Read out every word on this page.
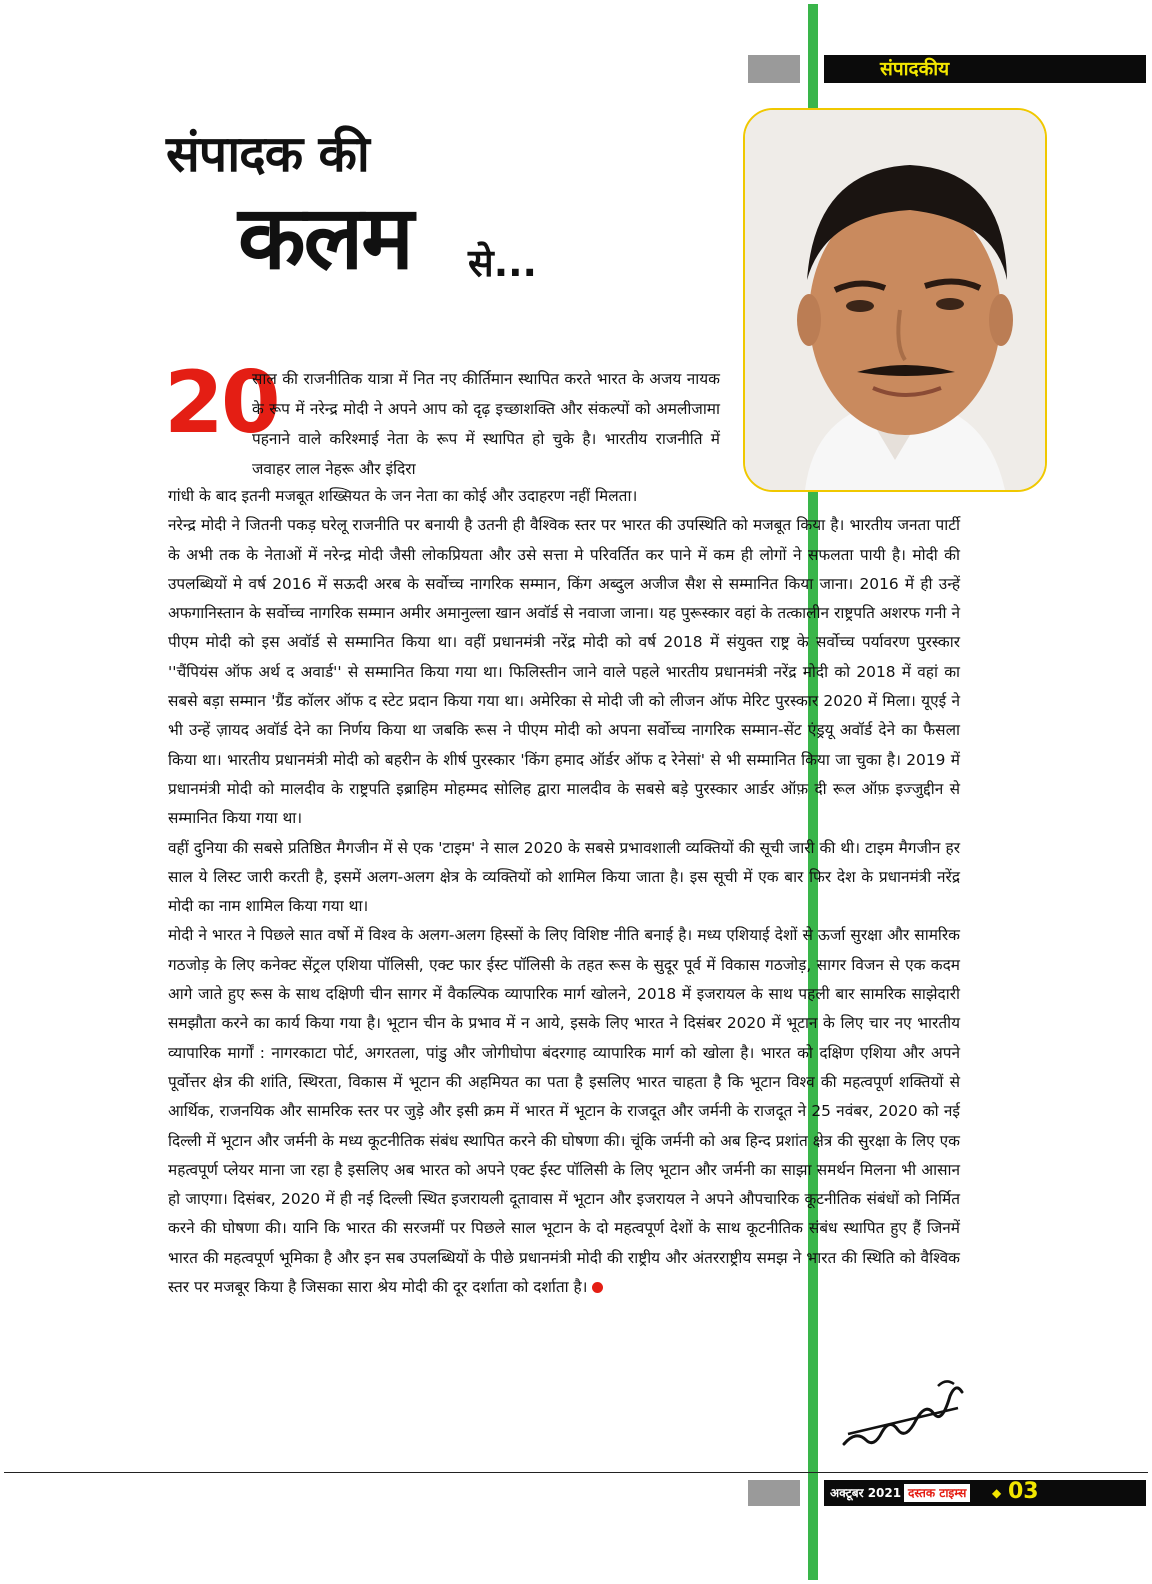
संपादकीय
संपादक की
कलम से...
20

साल की राजनीतिक यात्रा में नित नए कीर्तिमान स्थापित करते भारत के अजय नायक के रूप में नरेन्द्र मोदी ने अपने आप को दृढ़ इच्छाशक्ति और संकल्पों को अमलीजामा पहनाने वाले करिश्माई नेता के रूप में स्थापित हो चुके है। भारतीय राजनीति में जवाहर लाल नेहरू और इंदिरा

गांधी के बाद इतनी मजबूत शख्सियत के जन नेता का कोई और उदाहरण नहीं मिलता।

नरेन्द्र मोदी ने जितनी पकड़ घरेलू राजनीति पर बनायी है उतनी ही वैश्विक स्तर पर भारत की उपस्थिति को मजबूत किया है। भारतीय जनता पार्टी के अभी तक के नेताओं में नरेन्द्र मोदी जैसी लोकप्रियता और उसे सत्ता मे परिवर्तित कर पाने में कम ही लोगों ने सफलता पायी है। मोदी की उपलब्धियों मे वर्ष 2016 में सऊदी अरब के सर्वोच्च नागरिक सम्मान, किंग अब्दुल अजीज सैश से सम्मानित किया जाना। 2016 में ही उन्हें अफगानिस्तान के सर्वोच्च नागरिक सम्मान अमीर अमानुल्ला खान अवॉर्ड से नवाजा जाना। यह पुरूस्कार वहां के तत्कालीन राष्ट्रपति अशरफ गनी ने पीएम मोदी को इस अवॉर्ड से सम्मानित किया था। वहीं प्रधानमंत्री नरेंद्र मोदी को वर्ष 2018 में संयुक्त राष्ट्र के सर्वोच्च पर्यावरण पुरस्कार ''चैंपियंस ऑफ अर्थ द अवार्ड'' से सम्मानित किया गया था। फिलिस्तीन जाने वाले पहले भारतीय प्रधानमंत्री नरेंद्र मोदी को 2018 में वहां का सबसे बड़ा सम्मान 'ग्रैंड कॉलर ऑफ द स्टेट प्रदान किया गया था। अमेरिका से मोदी जी को लीजन ऑफ मेरिट पुरस्कार 2020 में मिला। यूएई ने भी उन्हें ज़ायद अवॉर्ड देने का निर्णय किया था जबकि रूस ने पीएम मोदी को अपना सर्वोच्च नागरिक सम्मान-सेंट एंड्रयू अवॉर्ड देने का फैसला किया था। भारतीय प्रधानमंत्री मोदी को बहरीन के शीर्ष पुरस्कार 'किंग हमाद ऑर्डर ऑफ द रेनेसां' से भी सम्मानित किया जा चुका है। 2019 में प्रधानमंत्री मोदी को मालदीव के राष्ट्रपति इब्राहिम मोहम्मद सोलिह द्वारा मालदीव के सबसे बड़े पुरस्कार आर्डर ऑफ़ दी रूल ऑफ़ इज्जुद्दीन से सम्मानित किया गया था।

वहीं दुनिया की सबसे प्रतिष्ठित मैगजीन में से एक 'टाइम' ने साल 2020 के सबसे प्रभावशाली व्यक्तियों की सूची जारी की थी। टाइम मैगजीन हर साल ये लिस्ट जारी करती है, इसमें अलग-अलग क्षेत्र के व्यक्तियों को शामिल किया जाता है। इस सूची में एक बार फिर देश के प्रधानमंत्री नरेंद्र मोदी का नाम शामिल किया गया था।

मोदी ने भारत ने पिछले सात वर्षो में विश्व के अलग-अलग हिस्सों के लिए विशिष्ट नीति बनाई है। मध्य एशियाई देशों से ऊर्जा सुरक्षा और सामरिक गठजोड़ के लिए कनेक्ट सेंट्रल एशिया पॉलिसी, एक्ट फार ईस्ट पॉलिसी के तहत रूस के सुदूर पूर्व में विकास गठजोड़, सागर विजन से एक कदम आगे जाते हुए रूस के साथ दक्षिणी चीन सागर में वैकल्पिक व्यापारिक मार्ग खोलने, 2018 में इजरायल के साथ पहली बार सामरिक साझेदारी समझौता करने का कार्य किया गया है। भूटान चीन के प्रभाव में न आये, इसके लिए भारत ने दिसंबर 2020 में भूटान के लिए चार नए भारतीय व्यापारिक मार्गों : नागरकाटा पोर्ट, अगरतला, पांडु और जोगीघोपा बंदरगाह व्यापारिक मार्ग को खोला है। भारत को दक्षिण एशिया और अपने पूर्वोत्तर क्षेत्र की शांति, स्थिरता, विकास में भूटान की अहमियत का पता है इसलिए भारत चाहता है कि भूटान विश्व की महत्वपूर्ण शक्तियों से आर्थिक, राजनयिक और सामरिक स्तर पर जुड़े और इसी क्रम में भारत में भूटान के राजदूत और जर्मनी के राजदूत ने 25 नवंबर, 2020 को नई दिल्ली में भूटान और जर्मनी के मध्य कूटनीतिक संबंध स्थापित करने की घोषणा की। चूंकि जर्मनी को अब हिन्द प्रशांत क्षेत्र की सुरक्षा के लिए एक महत्वपूर्ण प्लेयर माना जा रहा है इसलिए अब भारत को अपने एक्ट ईस्ट पॉलिसी के लिए भूटान और जर्मनी का साझा समर्थन मिलना भी आसान हो जाएगा। दिसंबर, 2020 में ही नई दिल्ली स्थित इजरायली दूतावास में भूटान और इजरायल ने अपने औपचारिक कूटनीतिक संबंधों को निर्मित करने की घोषणा की। यानि कि भारत की सरजमीं पर पिछले साल भूटान के दो महत्वपूर्ण देशों के साथ कूटनीतिक संबंध स्थापित हुए हैं जिनमें भारत की महत्वपूर्ण भूमिका है और इन सब उपलब्धियों के पीछे प्रधानमंत्री मोदी की राष्ट्रीय और अंतरराष्ट्रीय समझ ने भारत की स्थिति को वैश्विक स्तर पर मजबूर किया है जिसका सारा श्रेय मोदी की दूर दर्शाता को दर्शाता है।

रामकुमार सिंह
अक्टूबर 2021 दस्तक टाइम्स	◆ 03
